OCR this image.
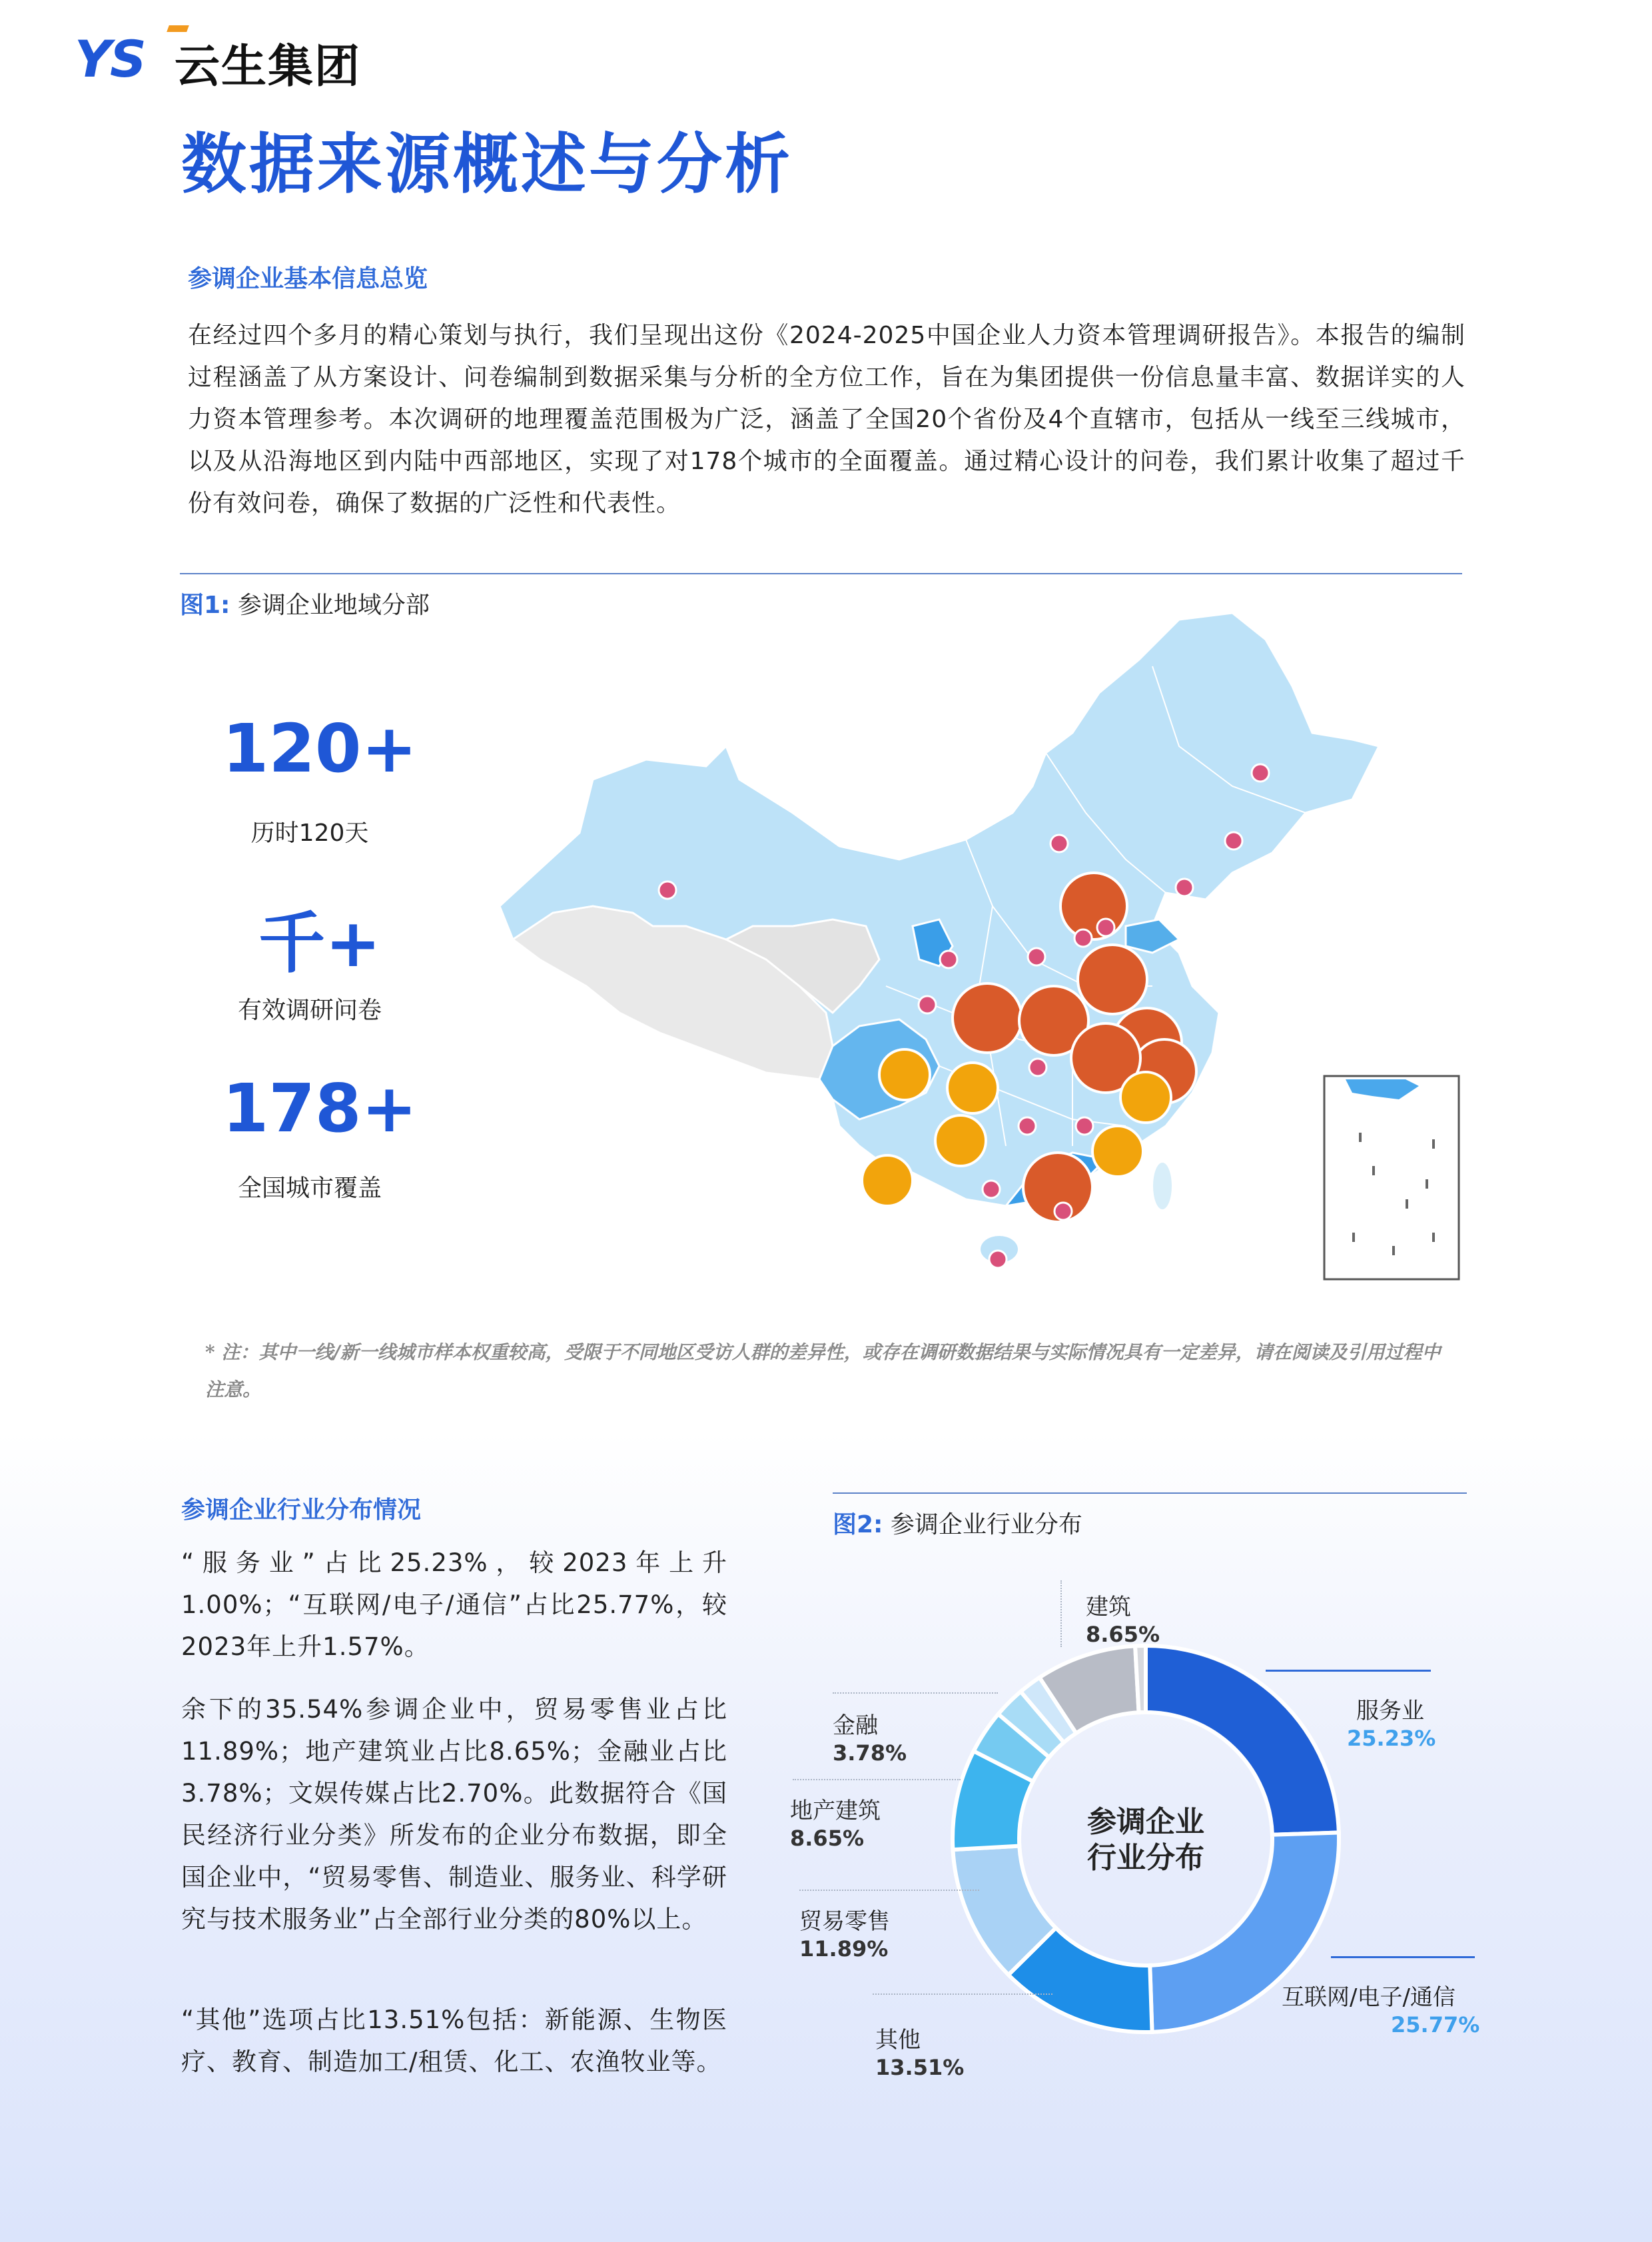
YS 云生集团
数据来源概述与分析
参调企业基本信息总览
在经过四个多月的精心策划与执行，我们呈现出这份《2024-2025中国企业人力资本管理调研报告》。本报告的编制过程涵盖了从方案设计、问卷编制到数据采集与分析的全方位工作，旨在为集团提供一份信息量丰富、数据详实的人力资本管理参考。本次调研的地理覆盖范围极为广泛，涵盖了全国20个省份及4个直辖市，包括从一线至三线城市，以及从沿海地区到内陆中西部地区，实现了对178个城市的全面覆盖。通过精心设计的问卷，我们累计收集了超过千份有效问卷，确保了数据的广泛性和代表性。
图1: 参调企业地域分部
120+
历时120天
千+
有效调研问卷
178+
全国城市覆盖
* 注：其中一线/新一线城市样本权重较高，受限于不同地区受访人群的差异性，或存在调研数据结果与实际情况具有一定差异，请在阅读及引用过程中注意。
参调企业行业分布情况
“服务业”占比25.23%，较2023年上升1.00%；“互联网/电子/通信”占比25.77%，较2023年上升1.57%。
余下的35.54%参调企业中，贸易零售业占比11.89%；地产建筑业占比8.65%；金融业占比3.78%；文娱传媒占比2.70%。此数据符合《国民经济行业分类》所发布的企业分布数据，即全国企业中，“贸易零售、制造业、服务业、科学研究与技术服务业”占全部行业分类的80%以上。
“其他”选项占比13.51%包括：新能源、生物医疗、教育、制造加工/租赁、化工、农渔牧业等。
图2: 参调企业行业分布
参调企业
行业分布
建筑
8.65%
服务业
25.23%
金融
3.78%
地产建筑
8.65%
贸易零售
11.89%
互联网/电子/通信
25.77%
其他
13.51%
